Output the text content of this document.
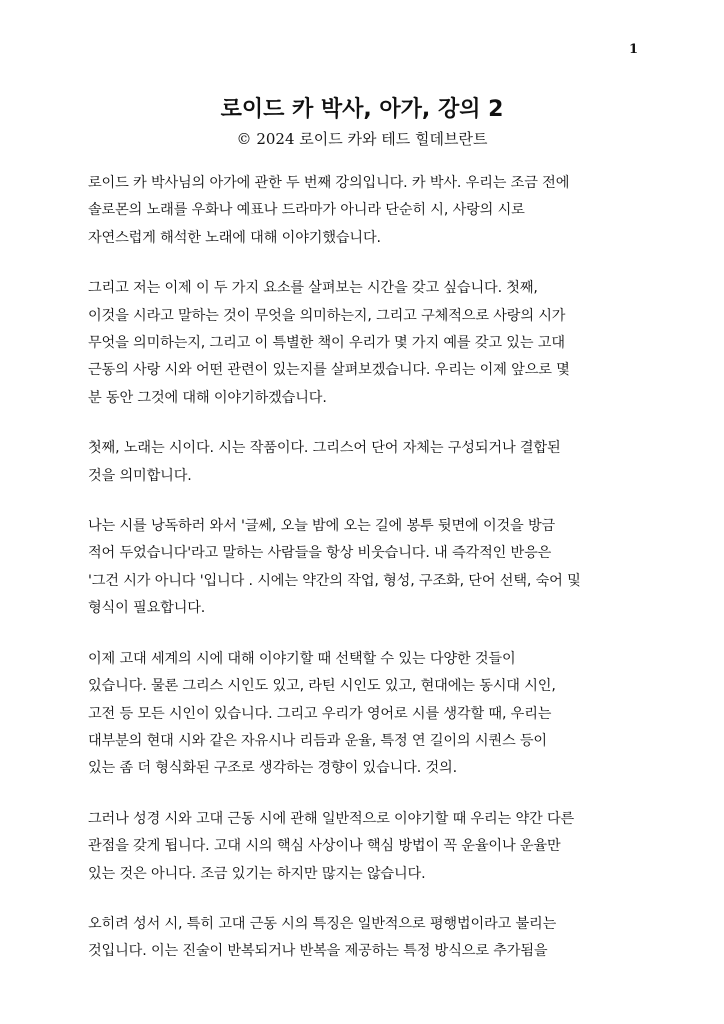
1
로이드 카 박사, 아가, 강의 2
© 2024 로이드 카와 테드 힐데브란트

로이드 카 박사님의 아가에 관한 두 번째 강의입니다. 카 박사. 우리는 조금 전에
솔로몬의 노래를 우화나 예표나 드라마가 아니라 단순히 시, 사랑의 시로
자연스럽게 해석한 노래에 대해 이야기했습니다.

그리고 저는 이제 이 두 가지 요소를 살펴보는 시간을 갖고 싶습니다. 첫째,
이것을 시라고 말하는 것이 무엇을 의미하는지, 그리고 구체적으로 사랑의 시가
무엇을 의미하는지, 그리고 이 특별한 책이 우리가 몇 가지 예를 갖고 있는 고대
근동의 사랑 시와 어떤 관련이 있는지를 살펴보겠습니다. 우리는 이제 앞으로 몇
분 동안 그것에 대해 이야기하겠습니다.

첫째, 노래는 시이다. 시는 작품이다. 그리스어 단어 자체는 구성되거나 결합된
것을 의미합니다.

나는 시를 낭독하러 와서 '글쎄, 오늘 밤에 오는 길에 봉투 뒷면에 이것을 방금
적어 두었습니다'라고 말하는 사람들을 항상 비웃습니다. 내 즉각적인 반응은
'그건 시가 아니다 '입니다 . 시에는 약간의 작업, 형성, 구조화, 단어 선택, 숙어 및
형식이 필요합니다.

이제 고대 세계의 시에 대해 이야기할 때 선택할 수 있는 다양한 것들이
있습니다. 물론 그리스 시인도 있고, 라틴 시인도 있고, 현대에는 동시대 시인,
고전 등 모든 시인이 있습니다. 그리고 우리가 영어로 시를 생각할 때, 우리는
대부분의 현대 시와 같은 자유시나 리듬과 운율, 특정 연 길이의 시퀀스 등이
있는 좀 더 형식화된 구조로 생각하는 경향이 있습니다. 것의.

그러나 성경 시와 고대 근동 시에 관해 일반적으로 이야기할 때 우리는 약간 다른
관점을 갖게 됩니다. 고대 시의 핵심 사상이나 핵심 방법이 꼭 운율이나 운율만
있는 것은 아니다. 조금 있기는 하지만 많지는 않습니다.

오히려 성서 시, 특히 고대 근동 시의 특징은 일반적으로 평행법이라고 불리는
것입니다. 이는 진술이 반복되거나 반복을 제공하는 특정 방식으로 추가됨을
